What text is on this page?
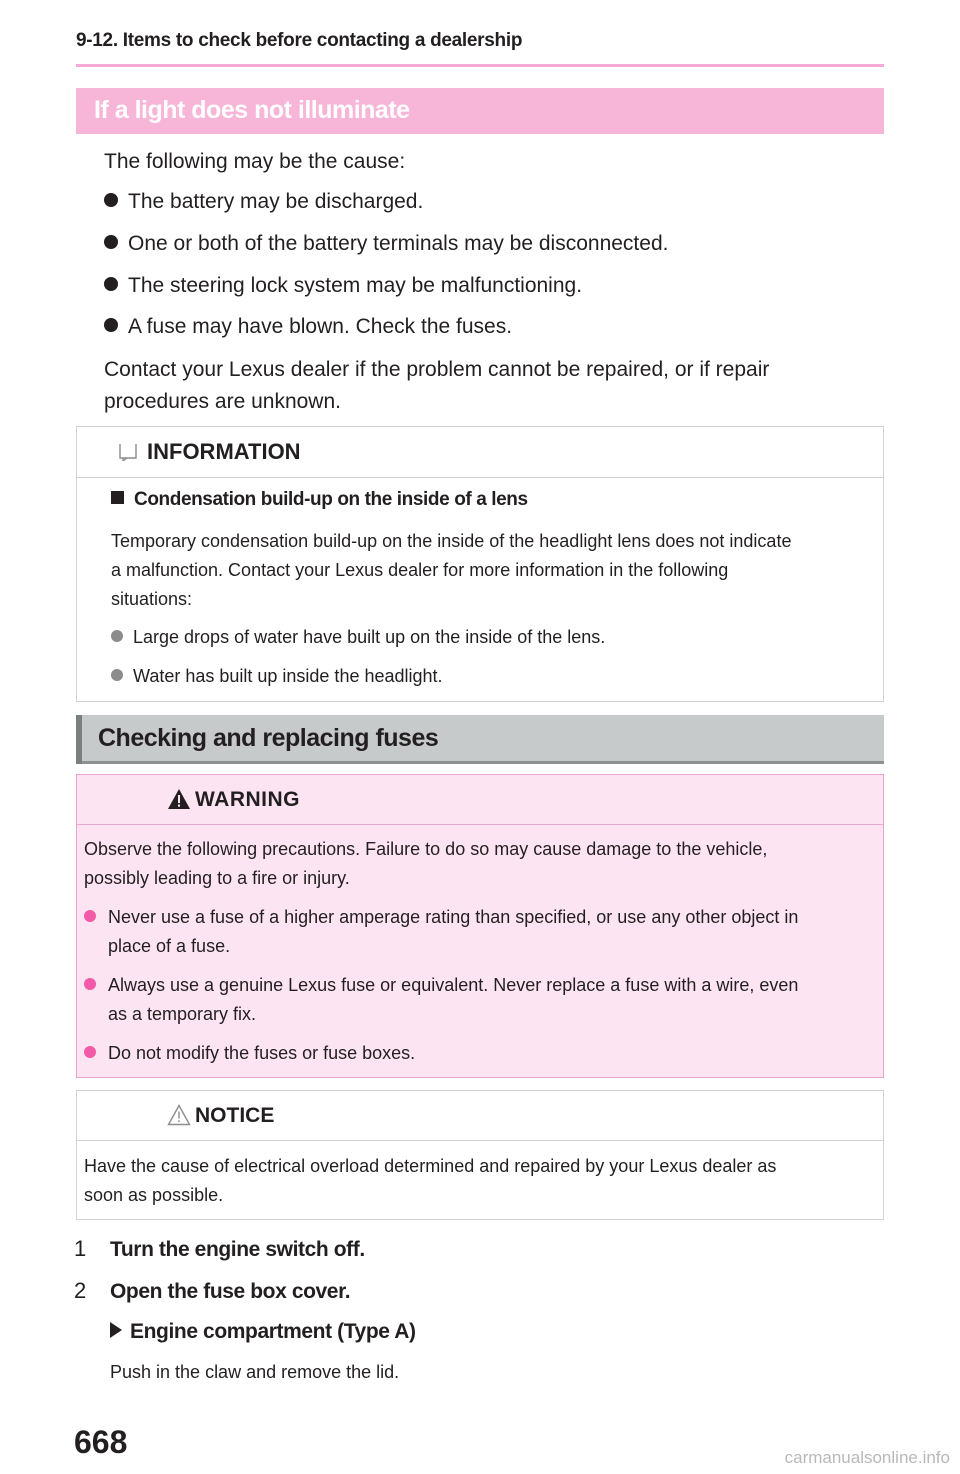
9-12. Items to check before contacting a dealership
If a light does not illuminate
The following may be the cause:
The battery may be discharged.
One or both of the battery terminals may be disconnected.
The steering lock system may be malfunctioning.
A fuse may have blown. Check the fuses.
Contact your Lexus dealer if the problem cannot be repaired, or if repair
procedures are unknown.
INFORMATION
Condensation build-up on the inside of a lens
Temporary condensation build-up on the inside of the headlight lens does not indicate
a malfunction. Contact your Lexus dealer for more information in the following
situations:
Large drops of water have built up on the inside of the lens.
Water has built up inside the headlight.
Checking and replacing fuses
WARNING
Observe the following precautions. Failure to do so may cause damage to the vehicle,
possibly leading to a fire or injury.
Never use a fuse of a higher amperage rating than specified, or use any other object in
place of a fuse.
Always use a genuine Lexus fuse or equivalent. Never replace a fuse with a wire, even
as a temporary fix.
Do not modify the fuses or fuse boxes.
NOTICE
Have the cause of electrical overload determined and repaired by your Lexus dealer as
soon as possible.
1 Turn the engine switch off.
2 Open the fuse box cover.
Engine compartment (Type A)
Push in the claw and remove the lid.
668	carmanualsonline.info
